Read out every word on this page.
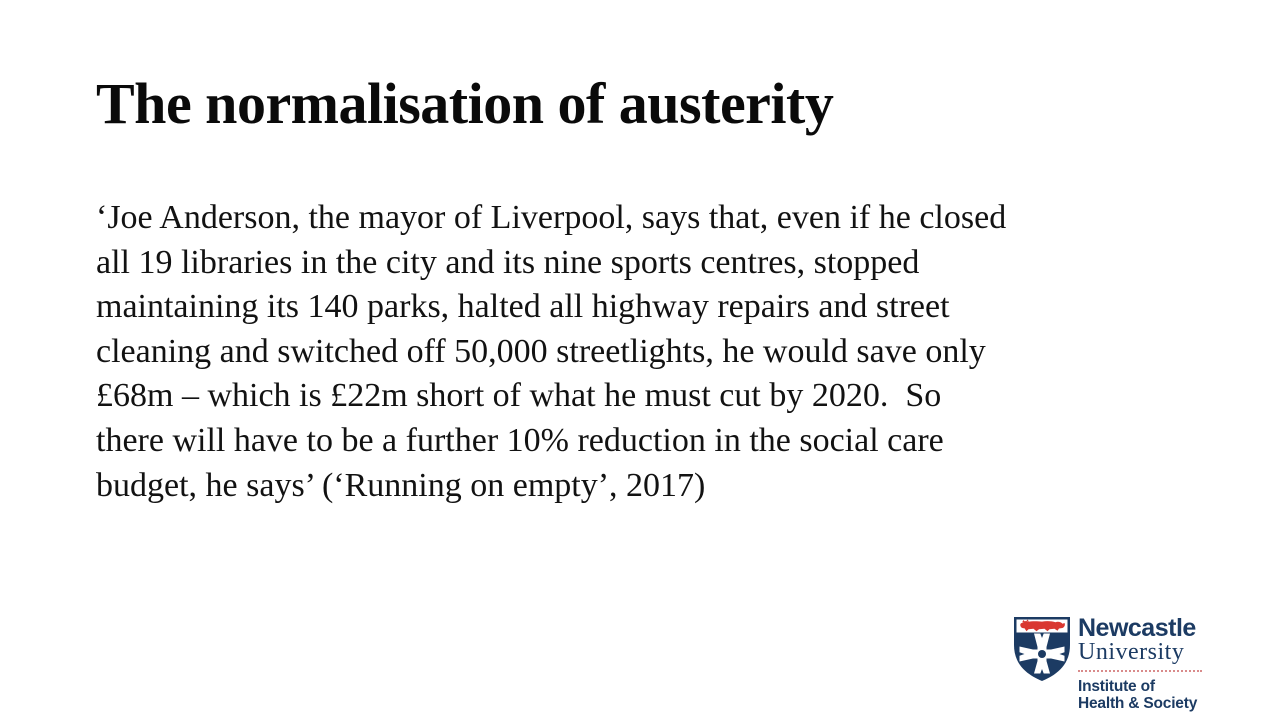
The normalisation of austerity
‘Joe Anderson, the mayor of Liverpool, says that, even if he closed
all 19 libraries in the city and its nine sports centres, stopped
maintaining its 140 parks, halted all highway repairs and street
cleaning and switched off 50,000 streetlights, he would save only
£68m – which is £22m short of what he must cut by 2020.  So
there will have to be a further 10% reduction in the social care
budget, he says’ (‘Running on empty’, 2017)
Newcastle
University
Institute of
Health & Society
